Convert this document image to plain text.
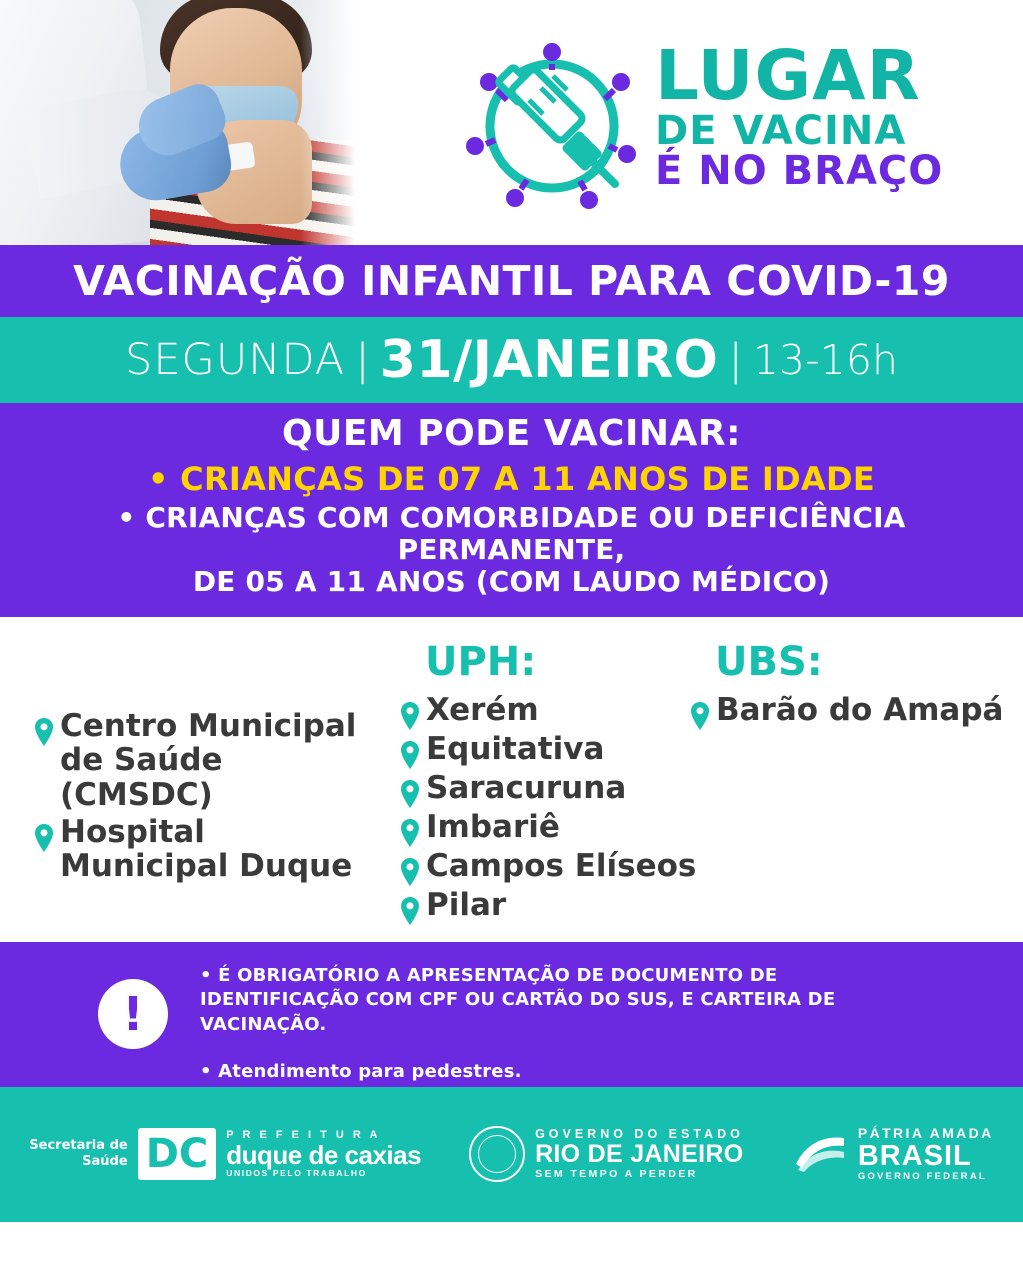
LUGAR
DE VACINA
É NO BRAÇO
VACINAÇÃO INFANTIL PARA COVID-19
SEGUNDA | 31/JANEIRO | 13-16h
QUEM PODE VACINAR:
• CRIANÇAS DE 07 A 11 ANOS DE IDADE
• CRIANÇAS COM COMORBIDADE OU DEFICIÊNCIA PERMANENTE,
DE 05 A 11 ANOS (COM LAUDO MÉDICO)
Centro Municipal de Saúde (CMSDC)
Hospital Municipal Duque
UPH:
Xerém
Equitativa
Saracuruna
Imbariê
Campos Elíseos
Pilar
UBS:
Barão do Amapá
!
• É OBRIGATÓRIO A APRESENTAÇÃO DE DOCUMENTO DE IDENTIFICAÇÃO COM CPF OU CARTÃO DO SUS, E CARTEIRA DE VACINAÇÃO.
• Atendimento para pedestres.
Secretaria de
Saúde DC	P R E F E I T U R A
duque de caxias
UNIDOS PELO TRABALHO
GOVERNO DO ESTADO
RIO DE JANEIRO
SEM TEMPO A PERDER
PÁTRIA AMADA
BRASIL
GOVERNO FEDERAL
